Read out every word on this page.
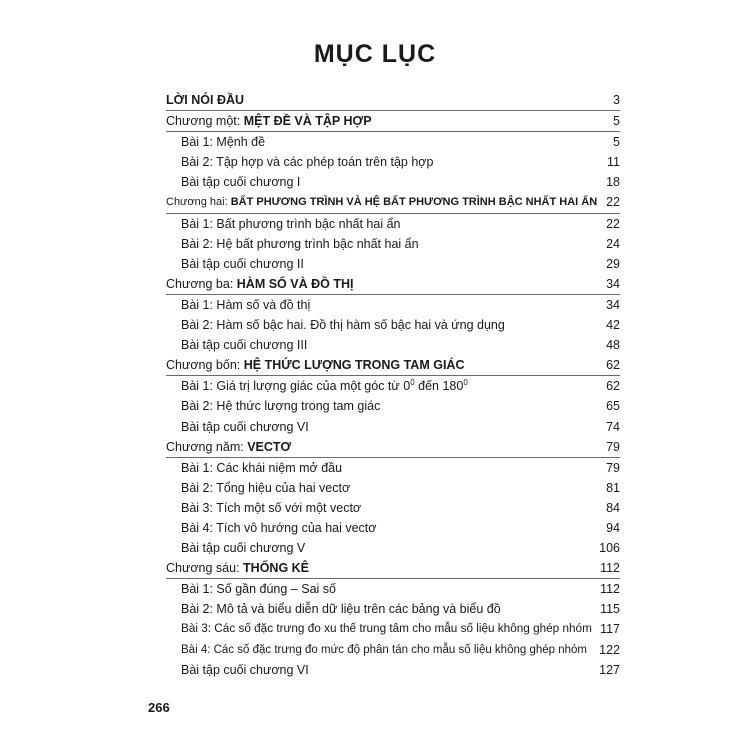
MỤC LỤC
LỜI NÓI ĐẦU	3
Chương một: MỆT ĐỀ VÀ TẬP HỢP	5
Bài 1: Mệnh đề	5
Bài 2: Tập hợp và các phép toán trên tập hợp	11
Bài tập cuối chương I	18
Chương hai: BẤT PHƯƠNG TRÌNH VÀ HỆ BẤT PHƯƠNG TRÌNH BẬC NHẤT HAI ẨN 22
Bài 1: Bất phương trình bậc nhất hai ẩn	22
Bài 2: Hệ bất phương trình bậc nhất hai ẩn	24
Bài tập cuối chương II	29
Chương ba: HÀM SỐ VÀ ĐỒ THỊ	34
Bài 1: Hàm số và đồ thị	34
Bài 2: Hàm số bậc hai. Đồ thị hàm số bậc hai và ứng dụng	42
Bài tập cuối chương III	48
Chương bốn: HỆ THỨC LƯỢNG TRONG TAM GIÁC	62
Bài 1: Giá trị lượng giác của một góc từ $0^0$ đến $180^0$	62
Bài 2: Hệ thức lượng trong tam giác	65
Bài tập cuối chương VI	74
Chương năm: VECTƠ	79
Bài 1: Các khái niệm mở đầu	79
Bài 2: Tổng hiệu của hai vectơ	81
Bài 3: Tích một số với một vectơ	84
Bài 4: Tích vô hướng của hai vectơ	94
Bài tập cuối chương V	106
Chương sáu: THỐNG KÊ	112
Bài 1: Số gần đúng – Sai số	112
Bài 2: Mô tả và biểu diễn dữ liệu trên các bảng và biểu đồ	115
Bài 3: Các số đặc trưng đo xu thế trung tâm cho mẫu số liệu không ghép nhóm 117
Bài 4: Các số đặc trưng đo mức độ phân tán cho mẫu số liệu không ghép nhóm 122
Bài tập cuối chương VI	127
266
